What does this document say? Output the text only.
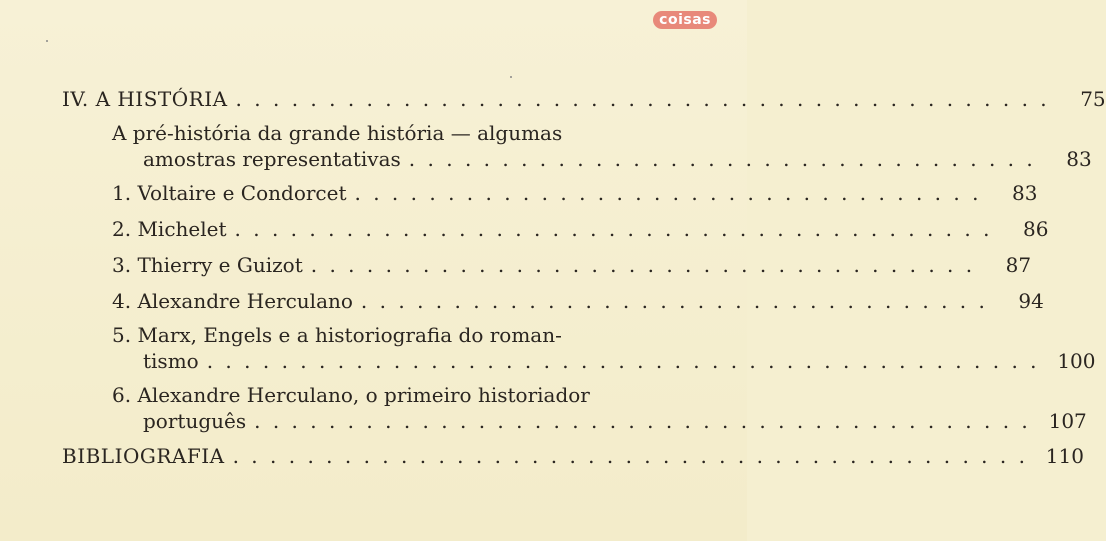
coisas
IV. A HISTÓRIA . . . . . . . . . . . . . . . . . . . . . . . . . . . . . . . . . . . . . . . . . . . .	75
A pré-história da grande história — algumas
amostras representativas . . . . . . . . . . . . . . . . . . . . . . . . . . . . . . . . . .	83
1. Voltaire e Condorcet . . . . . . . . . . . . . . . . . . . . . . . . . . . . . . . . . .	83
2. Michelet . . . . . . . . . . . . . . . . . . . . . . . . . . . . . . . . . . . . . . . . .	86
3. Thierry e Guizot . . . . . . . . . . . . . . . . . . . . . . . . . . . . . . . . . . . .	87
4. Alexandre Herculano . . . . . . . . . . . . . . . . . . . . . . . . . . . . . . . . . .	94
5. Marx, Engels e a historiografia do roman-
tismo . . . . . . . . . . . . . . . . . . . . . . . . . . . . . . . . . . . . . . . . . . . . . 100
6. Alexandre Herculano, o primeiro historiador
português . . . . . . . . . . . . . . . . . . . . . . . . . . . . . . . . . . . . . . . . . . 107
BIBLIOGRAFIA . . . . . . . . . . . . . . . . . . . . . . . . . . . . . . . . . . . . . . . . . . . 110
